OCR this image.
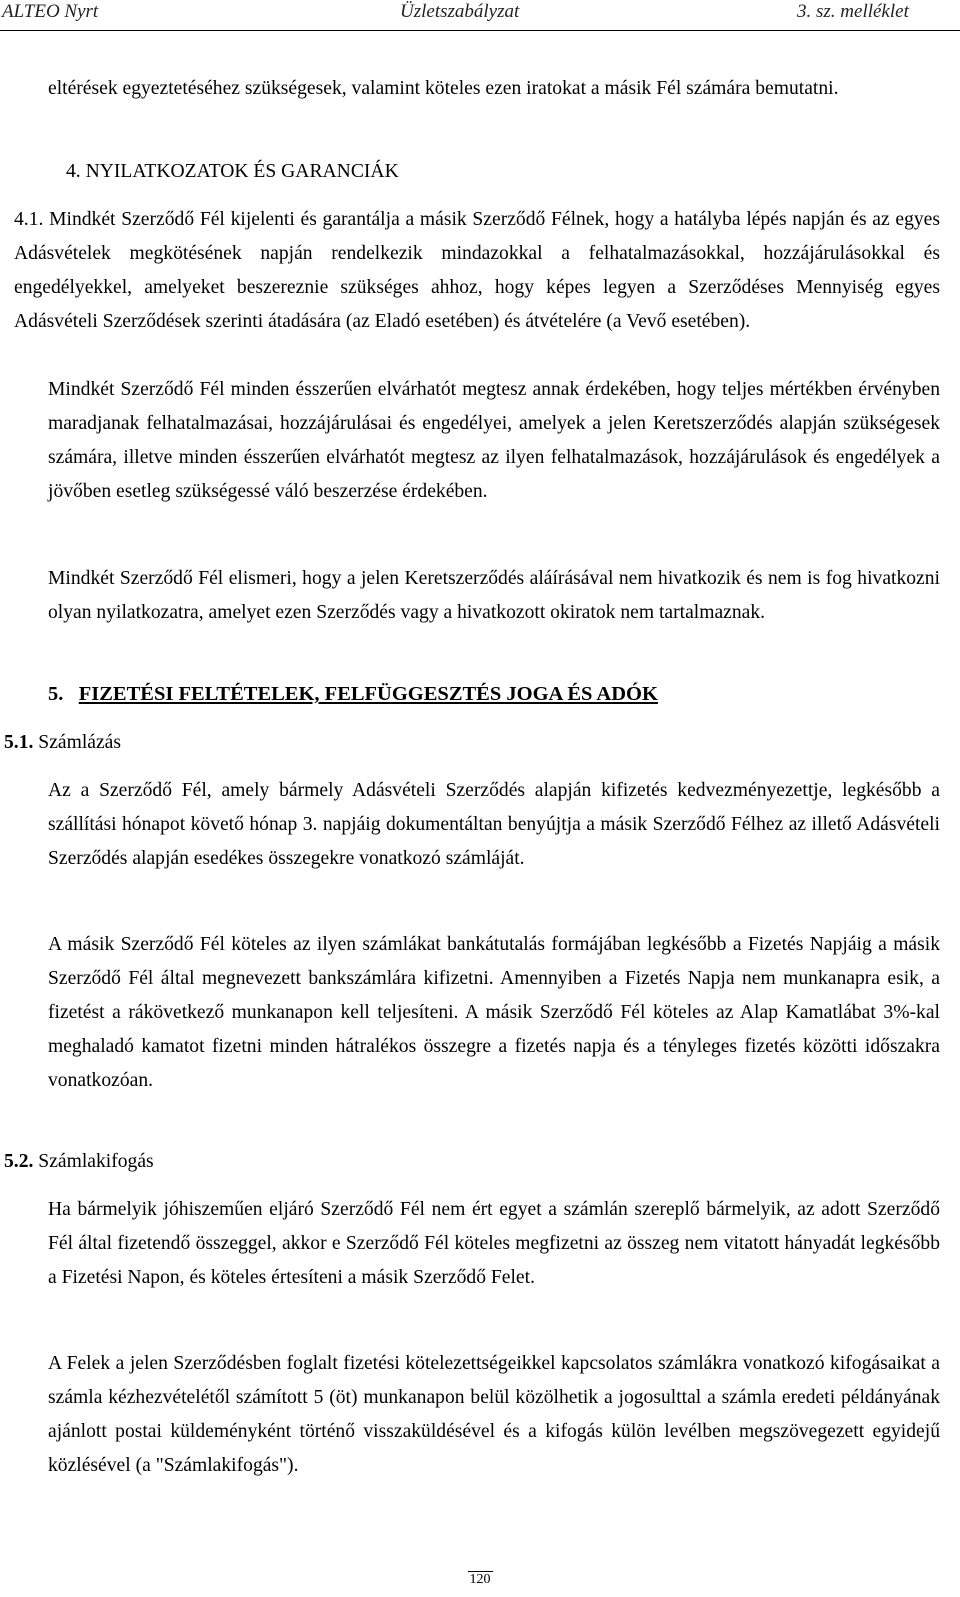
ALTEO Nyrt	Üzletszabályzat	3. sz. melléklet
eltérések egyeztetéséhez szükségesek, valamint köteles ezen iratokat a másik Fél számára bemutatni.
4. NYILATKOZATOK ÉS GARANCIÁK
4.1. Mindkét Szerződő Fél kijelenti és garantálja a másik Szerződő Félnek, hogy a hatályba lépés napján és az egyes Adásvételek megkötésének napján rendelkezik mindazokkal a felhatalmazásokkal, hozzájárulásokkal és engedélyekkel, amelyeket beszereznie szükséges ahhoz, hogy képes legyen a Szerződéses Mennyiség egyes Adásvételi Szerződések szerinti átadására (az Eladó esetében) és átvételére (a Vevő esetében).
Mindkét Szerződő Fél minden ésszerűen elvárhatót megtesz annak érdekében, hogy teljes mértékben érvényben maradjanak felhatalmazásai, hozzájárulásai és engedélyei, amelyek a jelen Keretszerződés alapján szükségesek számára, illetve minden ésszerűen elvárhatót megtesz az ilyen felhatalmazások, hozzájárulások és engedélyek a jövőben esetleg szükségessé váló beszerzése érdekében.
Mindkét Szerződő Fél elismeri, hogy a jelen Keretszerződés aláírásával nem hivatkozik és nem is fog hivatkozni olyan nyilatkozatra, amelyet ezen Szerződés vagy a hivatkozott okiratok nem tartalmaznak.
5. FIZETÉSI FELTÉTELEK, FELFÜGGESZTÉS JOGA ÉS ADÓK
5.1. Számlázás
Az a Szerződő Fél, amely bármely Adásvételi Szerződés alapján kifizetés kedvezményezettje, legkésőbb a szállítási hónapot követő hónap 3. napjáig dokumentáltan benyújtja a másik Szerződő Félhez az illető Adásvételi Szerződés alapján esedékes összegekre vonatkozó számláját.
A másik Szerződő Fél köteles az ilyen számlákat bankátutalás formájában legkésőbb a Fizetés Napjáig a másik Szerződő Fél által megnevezett bankszámlára kifizetni. Amennyiben a Fizetés Napja nem munkanapra esik, a fizetést a rákövetkező munkanapon kell teljesíteni. A másik Szerződő Fél köteles az Alap Kamatlábat 3%-kal meghaladó kamatot fizetni minden hátralékos összegre a fizetés napja és a tényleges fizetés közötti időszakra vonatkozóan.
5.2. Számlakifogás
Ha bármelyik jóhiszeműen eljáró Szerződő Fél nem ért egyet a számlán szereplő bármelyik, az adott Szerződő Fél által fizetendő összeggel, akkor e Szerződő Fél köteles megfizetni az összeg nem vitatott hányadát legkésőbb a Fizetési Napon, és köteles értesíteni a másik Szerződő Felet.
A Felek a jelen Szerződésben foglalt fizetési kötelezettségeikkel kapcsolatos számlákra vonatkozó kifogásaikat a számla kézhezvételétől számított 5 (öt) munkanapon belül közölhetik a jogosulttal a számla eredeti példányának ajánlott postai küldeményként történő visszaküldésével és a kifogás külön levélben megszövegezett egyidejű közlésével (a "Számlakifogás").
120
